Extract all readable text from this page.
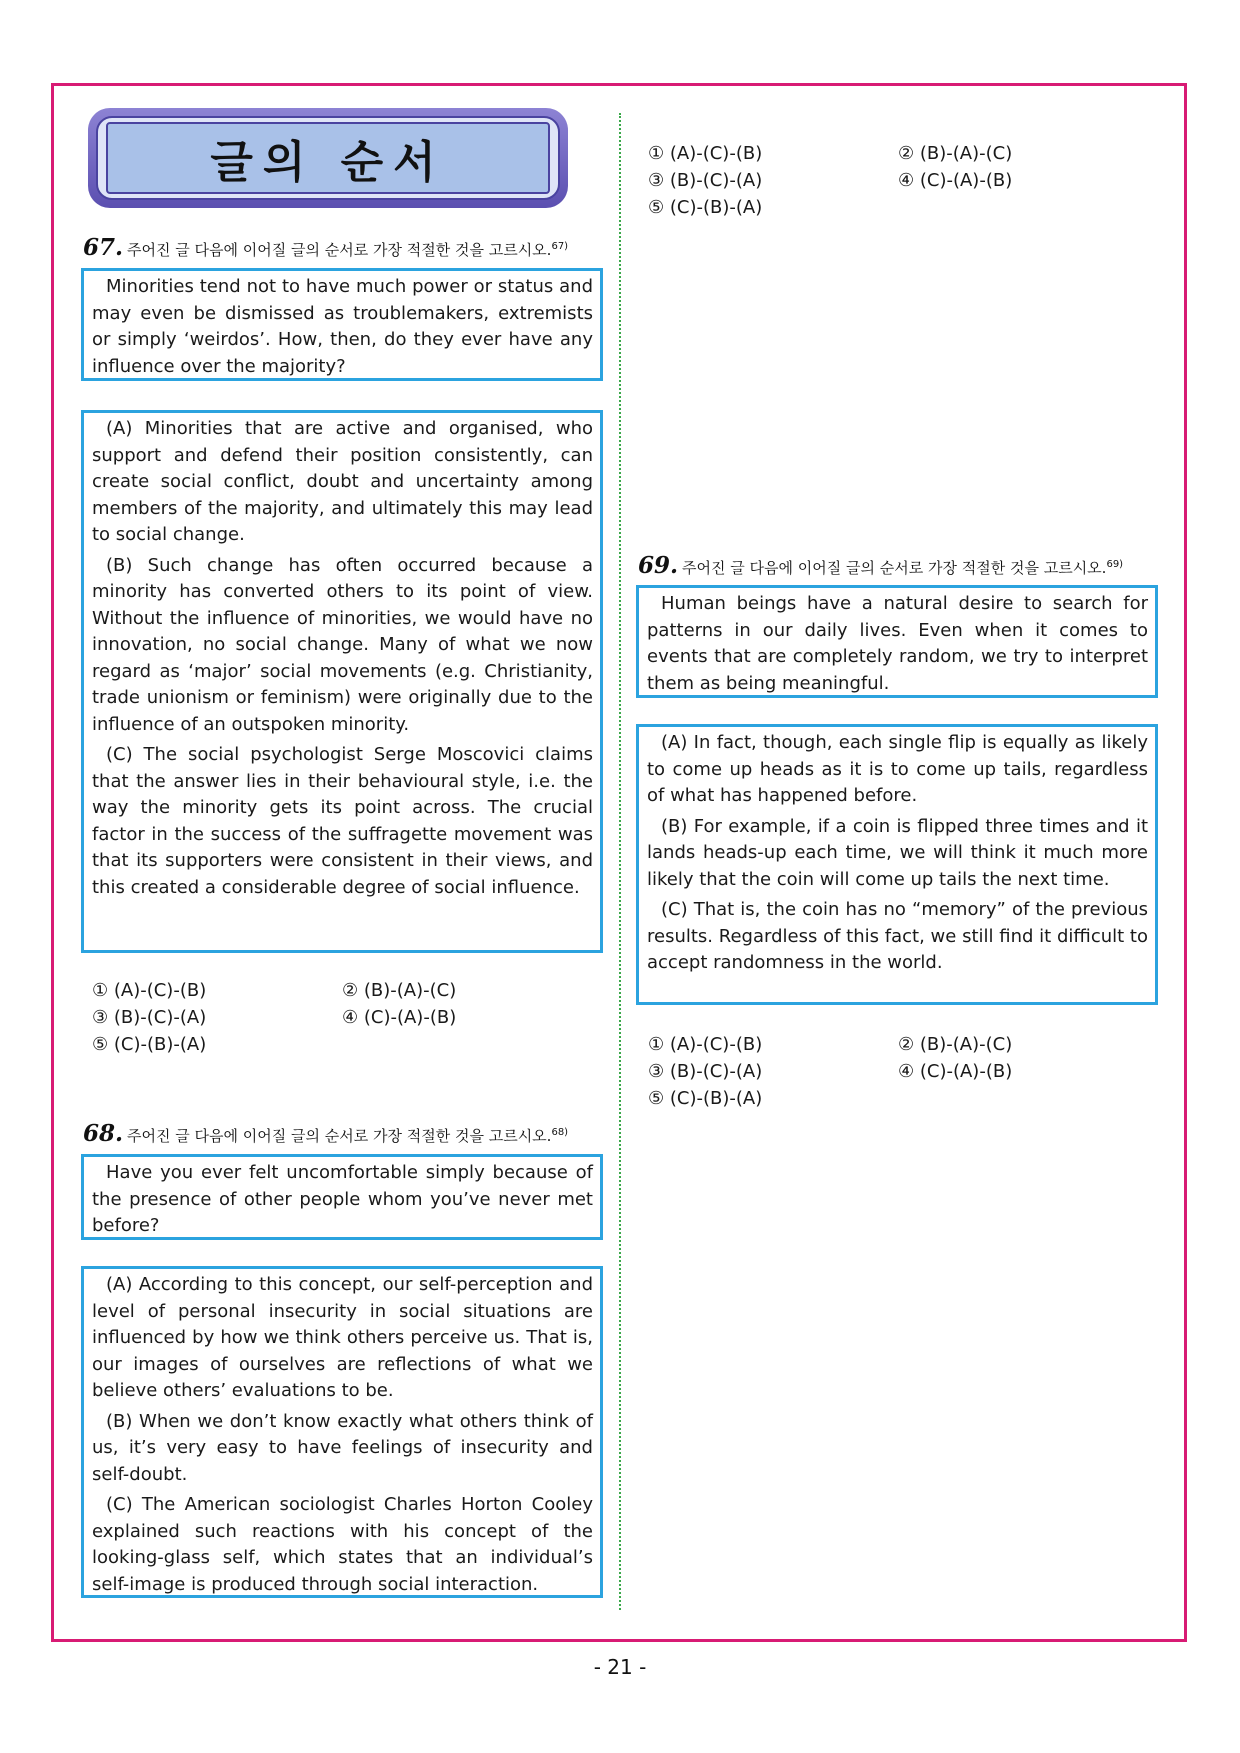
글의 순서
67. 주어진 글 다음에 이어질 글의 순서로 가장 적절한 것을 고르시오.$^{67)}$

Minorities tend not to have much power or status and may even be dismissed as troublemakers, extremists or simply ‘weirdos’. How, then, do they ever have any influence over the majority?

(A) Minorities that are active and organised, who support and defend their position consistently, can create social conflict, doubt and uncertainty among members of the majority, and ultimately this may lead to social change.

(B) Such change has often occurred because a minority has converted others to its point of view. Without the influence of minorities, we would have no innovation, no social change. Many of what we now regard as ‘major’ social movements (e.g. Christianity, trade unionism or feminism) were originally due to the influence of an outspoken minority.

(C) The social psychologist Serge Moscovici claims that the answer lies in their behavioural style, i.e. the way the minority gets its point across. The crucial factor in the success of the suffragette movement was that its supporters were consistent in their views, and this created a considerable degree of social influence.

① (A)-(C)-(B)	② (B)-(A)-(C)
③ (B)-(C)-(A)	④ (C)-(A)-(B)
⑤ (C)-(B)-(A)
68. 주어진 글 다음에 이어질 글의 순서로 가장 적절한 것을 고르시오.$^{68)}$

Have you ever felt uncomfortable simply because of the presence of other people whom you’ve never met before?

(A) According to this concept, our self-perception and level of personal insecurity in social situations are influenced by how we think others perceive us. That is, our images of ourselves are reflections of what we believe others’ evaluations to be.

(B) When we don’t know exactly what others think of us, it’s very easy to have feelings of insecurity and self-doubt.

(C) The American sociologist Charles Horton Cooley explained such reactions with his concept of the looking-glass self, which states that an individual’s self-image is produced through social interaction.

① (A)-(C)-(B)	② (B)-(A)-(C)
③ (B)-(C)-(A)	④ (C)-(A)-(B)
⑤ (C)-(B)-(A)
69. 주어진 글 다음에 이어질 글의 순서로 가장 적절한 것을 고르시오.$^{69)}$

Human beings have a natural desire to search for patterns in our daily lives. Even when it comes to events that are completely random, we try to interpret them as being meaningful.

(A) In fact, though, each single flip is equally as likely to come up heads as it is to come up tails, regardless of what has happened before.

(B) For example, if a coin is flipped three times and it lands heads-up each time, we will think it much more likely that the coin will come up tails the next time.

(C) That is, the coin has no “memory” of the previous results. Regardless of this fact, we still find it difficult to accept randomness in the world.

① (A)-(C)-(B)	② (B)-(A)-(C)
③ (B)-(C)-(A)	④ (C)-(A)-(B)
⑤ (C)-(B)-(A)
- 21 -
